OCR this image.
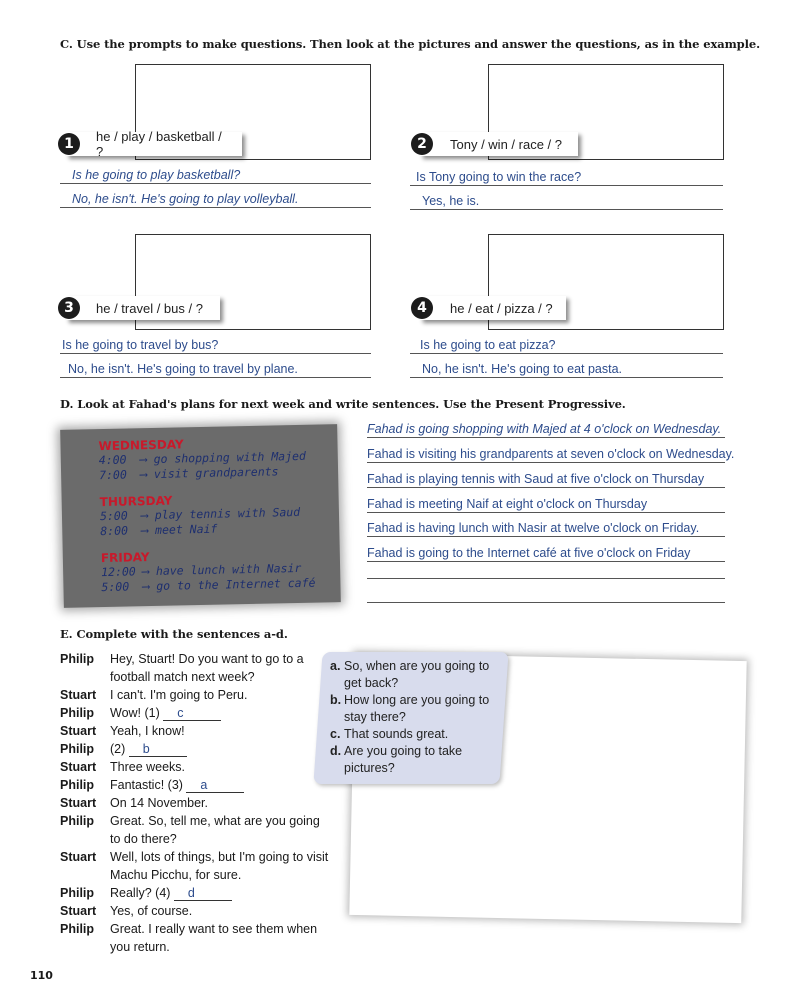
C. Use the prompts to make questions. Then look at the pictures and answer the questions, as in the example.
he / play / basketball / ?
1
Is he going to play basketball?
No, he isn't. He's going to play volleyball.
Tony / win / race / ?
2
Is Tony going to win the race?
Yes, he is.
he / travel / bus / ?
3
Is he going to travel by bus?
No, he isn't. He's going to travel by plane.
he / eat / pizza / ?
4
Is he going to eat pizza?
No, he isn't. He's going to eat pasta.
D. Look at Fahad's plans for next week and write sentences. Use the Present Progressive.
WEDNESDAY
4:00 ⟶ go shopping with Majed
7:00 ⟶ visit grandparents
THURSDAY
5:00 ⟶ play tennis with Saud
8:00 ⟶ meet Naif
FRIDAY
12:00 ⟶ have lunch with Nasir
5:00 ⟶ go to the Internet café
Fahad is going shopping with Majed at 4 o'clock on Wednesday.
Fahad is visiting his grandparents at seven o'clock on Wednesday.
Fahad is playing tennis with Saud at five o'clock on Thursday
Fahad is meeting Naif at eight o'clock on Thursday
Fahad is having lunch with Nasir at twelve o'clock on Friday.
Fahad is going to the Internet café at five o'clock on Friday
E. Complete with the sentences a-d.
Philip	Hey, Stuart! Do you want to go to a football match next week?
Stuart	I can't. I'm going to Peru.
Philip	Wow! (1) c
Stuart	Yeah, I know!
Philip	(2) b
Stuart	Three weeks.
Philip	Fantastic! (3) a
Stuart	On 14 November.
Philip	Great. So, tell me, what are you going to do there?
Stuart	Well, lots of things, but I'm going to visit Machu Picchu, for sure.
Philip	Really? (4) d
Stuart	Yes, of course.
Philip	Great. I really want to see them when you return.
a. So, when are you going to get back?
b. How long are you going to stay there?
c. That sounds great.
d. Are you going to take pictures?
110
